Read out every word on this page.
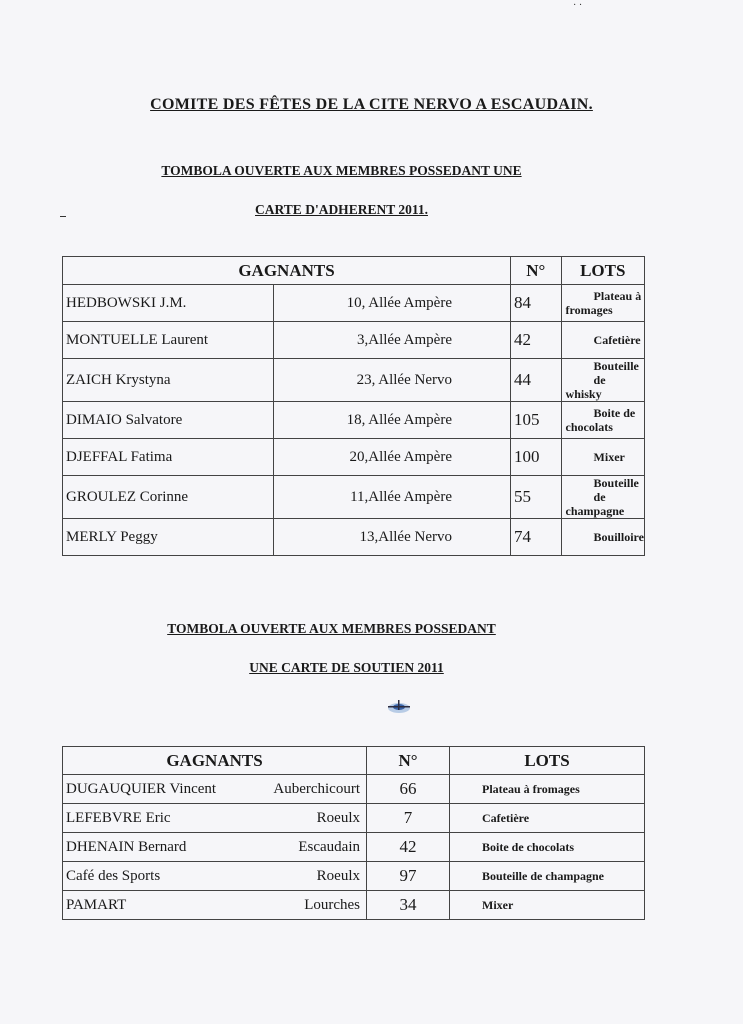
· ·
COMITE DES FÊTES DE LA CITE NERVO A ESCAUDAIN.

TOMBOLA OUVERTE AUX MEMBRES POSSEDANT UNE

CARTE D'ADHERENT 2011.

GAGNANTS		N°	LOTS
HEDBOWSKI J.M.	10, Allée Ampère	84	Plateau à
fromages

MONTUELLE Laurent	3,Allée Ampère	42	Cafetière

ZAICH Krystyna	23, Allée Nervo	44	Bouteille de
whisky

DIMAIO Salvatore	18, Allée Ampère	105	Boite de
chocolats

DJEFFAL Fatima	20,Allée Ampère	100	Mixer

GROULEZ Corinne	11,Allée Ampère	55	Bouteille de
champagne

MERLY Peggy	13,Allée Nervo	74	Bouilloire

TOMBOLA OUVERTE AUX MEMBRES POSSEDANT

UNE CARTE DE SOUTIEN 2011

GAGNANTS	N°	LOTS
DUGAUQUIER Vincent Auberchicourt	66	Plateau à fromages
LEFEBVRE Eric Roeulx	7	Cafetière
DHENAIN Bernard Escaudain	42	Boite de chocolats
Café des Sports Roeulx	97	Bouteille de champagne
PAMART Lourches	34	Mixer
